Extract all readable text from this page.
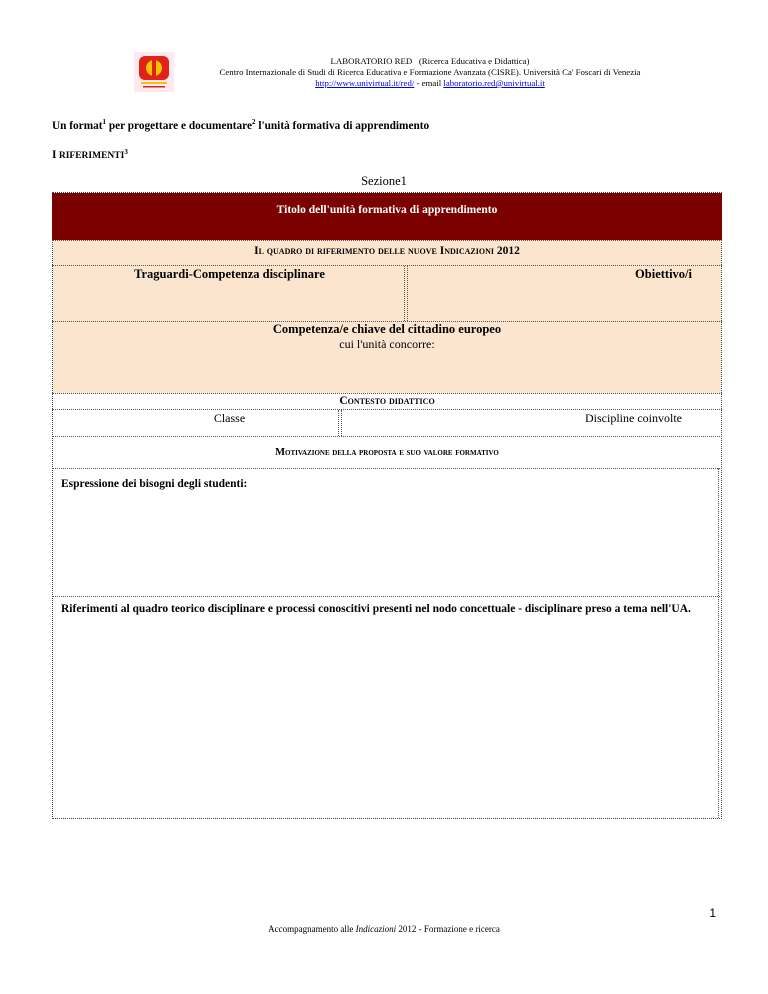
LABORATORIO RED (Ricerca Educativa e Didattica)
Centro Internazionale di Studi di Ricerca Educativa e Formazione Avanzata (CISRE). Università Ca' Foscari di Venezia
http://www.univirtual.it/red/ - email laboratorio.red@univirtual.it
Un format$^1$ per progettare e documentare$^2$ l'unità formativa di apprendimento
I RIFERIMENTI$^3$
Sezione1
Titolo dell'unità formativa di apprendimento
Il quadro di riferimento delle nuove Indicazioni 2012
Traguardi-Competenza disciplinare	Obiettivo/i
Competenza/e chiave del cittadino europeo
cui l'unità concorre:
Contesto didattico
Classe	Discipline coinvolte
Motivazione della proposta e suo valore formativo
Espressione dei bisogni degli studenti:
Riferimenti al quadro teorico disciplinare e processi conoscitivi presenti nel nodo concettuale - disciplinare preso a tema nell'UA.
1
Accompagnamento alle Indicazioni 2012 - Formazione e ricerca
